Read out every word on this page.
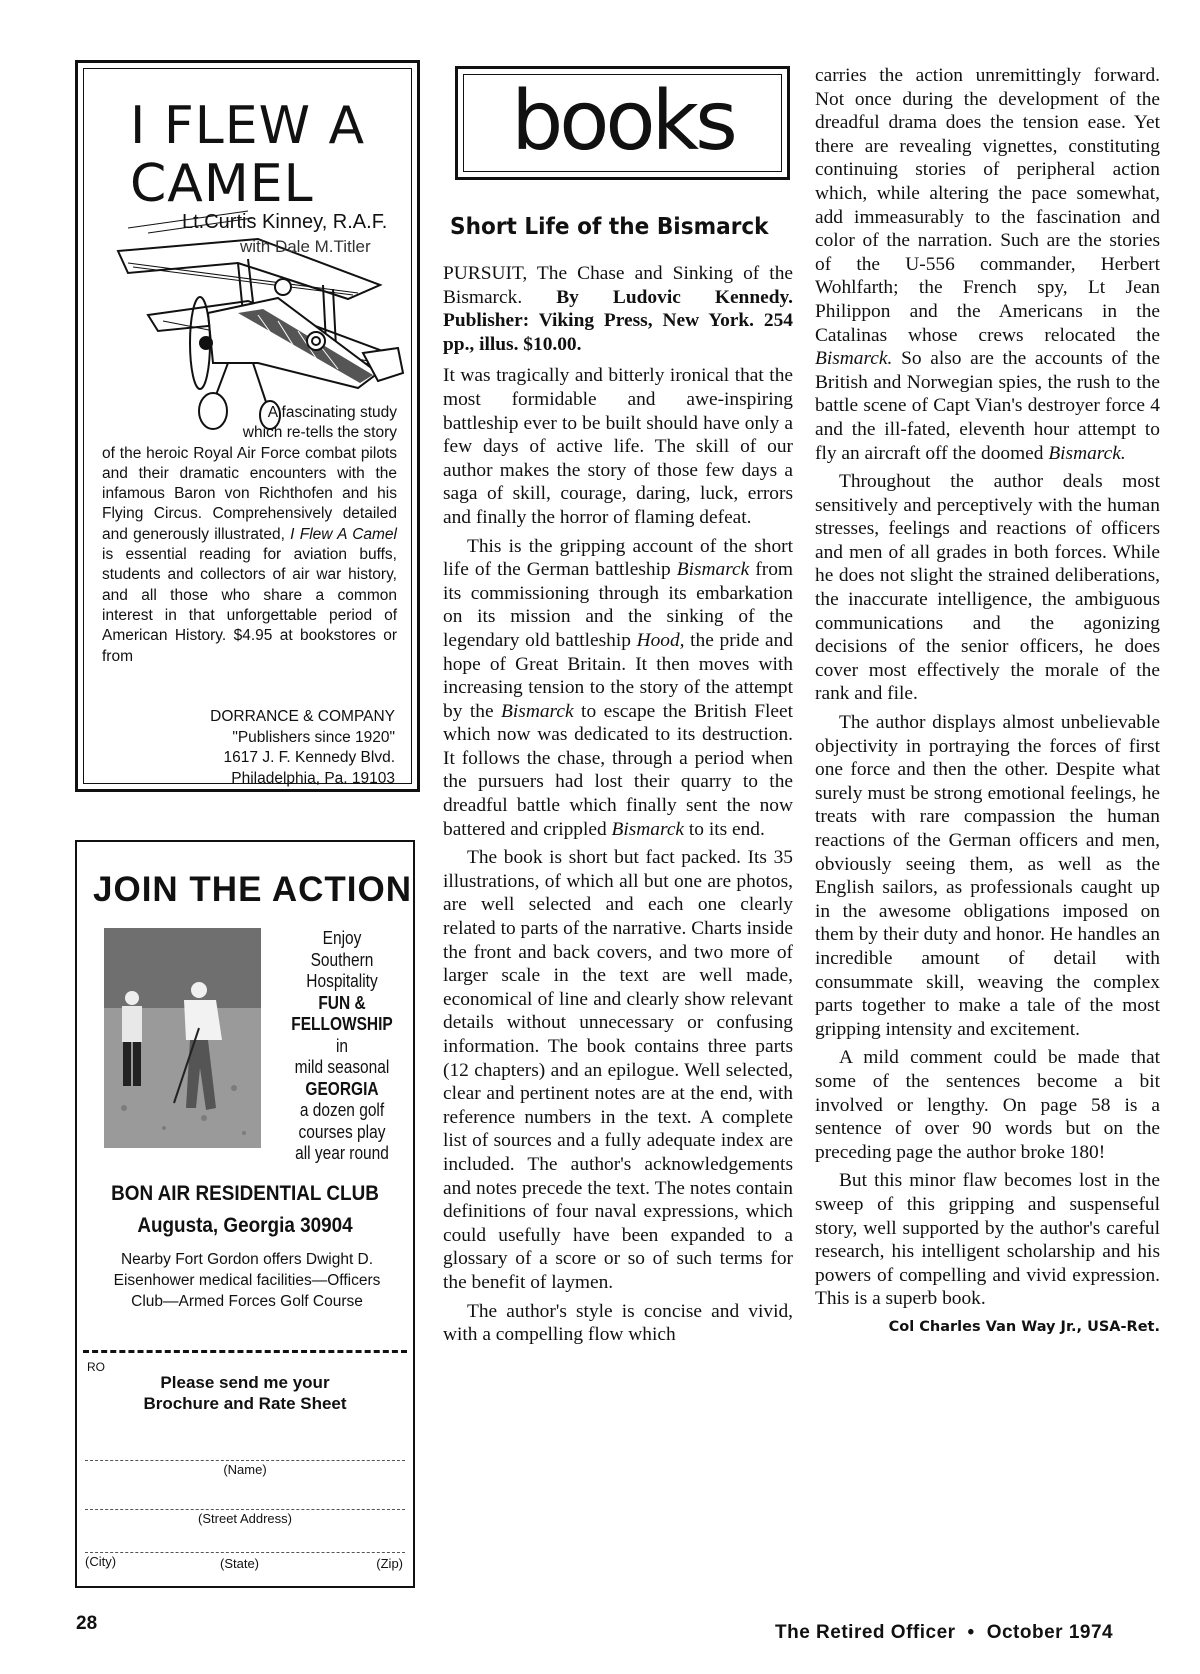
I FLEW A
CAMEL
Lt.Curtis Kinney, R.A.F.
with Dale M.Titler
A fascinating study which re-tells the story
of the heroic Royal Air Force combat pilots and their dramatic encounters with the infamous Baron von Richthofen and his Flying Circus. Comprehensively detailed and generously illustrated, I Flew A Camel is essential reading for aviation buffs, students and collectors of air war history, and all those who share a common interest in that unforgettable period of American History. $4.95 at bookstores or from
DORRANCE & COMPANY
"Publishers since 1920"
1617 J. F. Kennedy Blvd.
Philadelphia, Pa. 19103
JOIN THE ACTION
Enjoy
Southern
Hospitality
FUN &
FELLOWSHIP
in
mild seasonal
GEORGIA
a dozen golf
courses play
all year round
BON AIR RESIDENTIAL CLUB
Augusta, Georgia 30904
Nearby Fort Gordon offers Dwight D. Eisenhower medical facilities—Officers Club—Armed Forces Golf Course
RO
Please send me your
Brochure and Rate Sheet
(Name)
(Street Address)
(City)	(State)	(Zip)
books
Short Life of the Bismarck

PURSUIT, The Chase and Sinking of the Bismarck. By Ludovic Kennedy. Publisher: Viking Press, New York. 254 pp., illus. $10.00.

It was tragically and bitterly ironical that the most formidable and awe-inspiring battleship ever to be built should have only a few days of active life. The skill of our author makes the story of those few days a saga of skill, courage, daring, luck, errors and finally the horror of flaming defeat.

This is the gripping account of the short life of the German battleship Bismarck from its commissioning through its embarkation on its mission and the sinking of the legendary old battleship Hood, the pride and hope of Great Britain. It then moves with increasing tension to the story of the attempt by the Bismarck to escape the British Fleet which now was dedicated to its destruction. It follows the chase, through a period when the pursuers had lost their quarry to the dreadful battle which finally sent the now battered and crippled Bismarck to its end.

The book is short but fact packed. Its 35 illustrations, of which all but one are photos, are well selected and each one clearly related to parts of the narrative. Charts inside the front and back covers, and two more of larger scale in the text are well made, economical of line and clearly show relevant details without unnecessary or confusing information. The book contains three parts (12 chapters) and an epilogue. Well selected, clear and pertinent notes are at the end, with reference numbers in the text. A complete list of sources and a fully adequate index are included. The author's acknowledgements and notes precede the text. The notes contain definitions of four naval expressions, which could usefully have been expanded to a glossary of a score or so of such terms for the benefit of laymen.

The author's style is concise and vivid, with a compelling flow which

carries the action unremittingly forward. Not once during the development of the dreadful drama does the tension ease. Yet there are revealing vignettes, constituting continuing stories of peripheral action which, while altering the pace somewhat, add immeasurably to the fascination and color of the narration. Such are the stories of the U-556 commander, Herbert Wohlfarth; the French spy, Lt Jean Philippon and the Americans in the Catalinas whose crews relocated the Bismarck. So also are the accounts of the British and Norwegian spies, the rush to the battle scene of Capt Vian's destroyer force 4 and the ill-fated, eleventh hour attempt to fly an aircraft off the doomed Bismarck.

Throughout the author deals most sensitively and perceptively with the human stresses, feelings and reactions of officers and men of all grades in both forces. While he does not slight the strained deliberations, the inaccurate intelligence, the ambiguous communications and the agonizing decisions of the senior officers, he does cover most effectively the morale of the rank and file.

The author displays almost unbelievable objectivity in portraying the forces of first one force and then the other. Despite what surely must be strong emotional feelings, he treats with rare compassion the human reactions of the German officers and men, obviously seeing them, as well as the English sailors, as professionals caught up in the awesome obligations imposed on them by their duty and honor. He handles an incredible amount of detail with consummate skill, weaving the complex parts together to make a tale of the most gripping intensity and excitement.

A mild comment could be made that some of the sentences become a bit involved or lengthy. On page 58 is a sentence of over 90 words but on the preceding page the author broke 180!

But this minor flaw becomes lost in the sweep of this gripping and suspenseful story, well supported by the author's careful research, his intelligent scholarship and his powers of compelling and vivid expression. This is a superb book.

Col Charles Van Way Jr., USA-Ret.
28	The Retired Officer • October 1974
